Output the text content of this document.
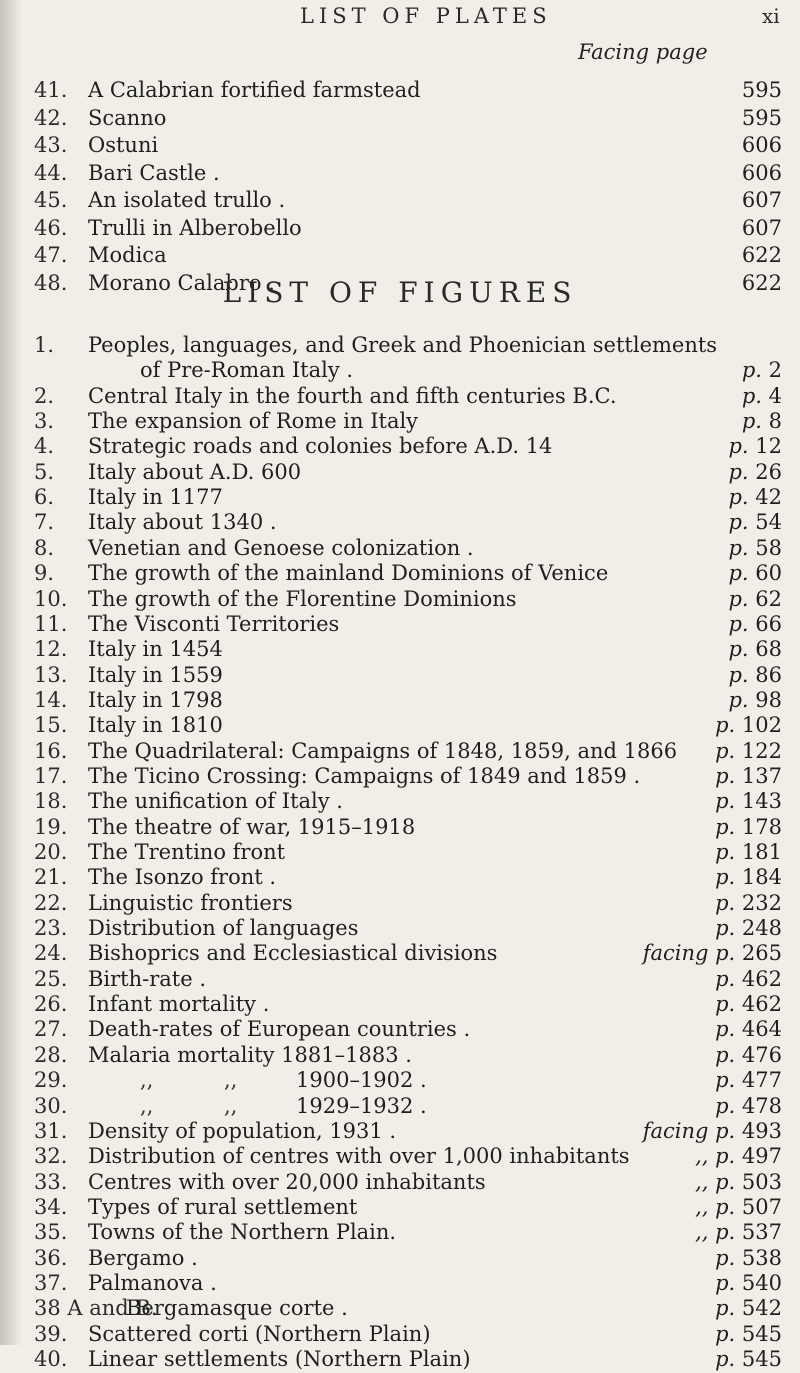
LIST OF PLATES	xi
Facing page
41. A Calabrian fortified farmstead	595
42. Scanno	595
43. Ostuni	606
44. Bari Castle .	606
45. An isolated trullo .	607
46. Trulli in Alberobello	607
47. Modica	622
48. Morano Calabro .	622
LIST OF FIGURES
1.	Peoples, languages, and Greek and Phoenician settlements
of Pre-Roman Italy .	p. 2
2.	Central Italy in the fourth and fifth centuries B.C.	p. 4
3.	The expansion of Rome in Italy	p. 8
4.	Strategic roads and colonies before A.D. 14	p. 12
5.	Italy about A.D. 600	p. 26
6.	Italy in 1177	p. 42
7.	Italy about 1340 .	p. 54
8.	Venetian and Genoese colonization .	p. 58
9.	The growth of the mainland Dominions of Venice	p. 60
10. The growth of the Florentine Dominions	p. 62
11. The Visconti Territories	p. 66
12. Italy in 1454	p. 68
13. Italy in 1559	p. 86
14. Italy in 1798	p. 98
15. Italy in 1810	p. 102
16. The Quadrilateral: Campaigns of 1848, 1859, and 1866 p. 122
17. The Ticino Crossing: Campaigns of 1849 and 1859 .	p. 137
18. The unification of Italy .	p. 143
19. The theatre of war, 1915–1918	p. 178
20. The Trentino front	p. 181
21. The Isonzo front .	p. 184
22. Linguistic frontiers	p. 232
23. Distribution of languages	p. 248
24. Bishoprics and Ecclesiastical divisions	facing p. 265
25. Birth-rate .	p. 462
26. Infant mortality .	p. 462
27. Death-rates of European countries .	p. 464
28. Malaria mortality 1881–1883 .	p. 476
29.	,,	,,	1900–1902 .	p. 477
30.	,,	,,	1929–1932 .	p. 478
31. Density of population, 1931 .	facing p. 493
32. Distribution of centres with over 1,000 inhabitants	,, p. 497
33. Centres with over 20,000 inhabitants	,, p. 503
34. Types of rural settlement	,, p. 507
35. Towns of the Northern Plain.	,, p. 537
36. Bergamo .	p. 538
37. Palmanova .	p. 540
38 A and B.
Bergamasque corte .	p. 542
39. Scattered corti (Northern Plain)	p. 545
40. Linear settlements (Northern Plain)	p. 545
